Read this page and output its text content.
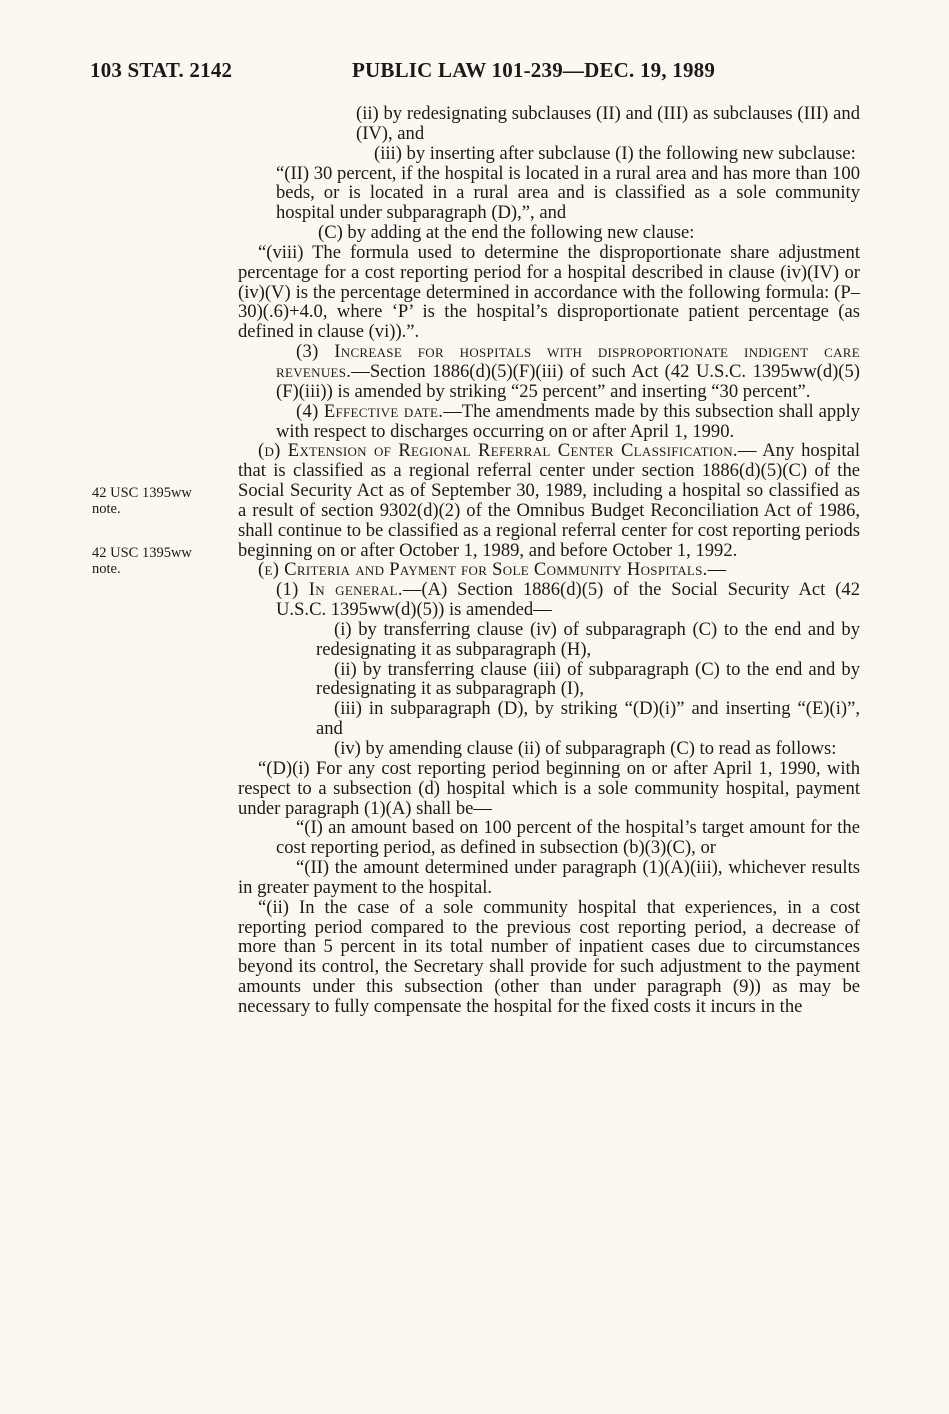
103 STAT. 2142	PUBLIC LAW 101-239—DEC. 19, 1989
42 USC 1395ww
note.
42 USC 1395ww
note.

(ii) by redesignating subclauses (II) and (III) as subclauses (III) and (IV), and

(iii) by inserting after subclause (I) the following new subclause:

“(II) 30 percent, if the hospital is located in a rural area and has more than 100 beds, or is located in a rural area and is classified as a sole community hospital under subparagraph (D),”, and

(C) by adding at the end the following new clause:

“(viii) The formula used to determine the disproportionate share adjustment percentage for a cost reporting period for a hospital described in clause (iv)(IV) or (iv)(V) is the percentage determined in accordance with the following formula: (P–30)(.6)+4.0, where ‘P’ is the hospital’s disproportionate patient percentage (as defined in clause (vi)).”.

(3) Increase for hospitals with disproportionate indigent care revenues.—Section 1886(d)(5)(F)(iii) of such Act (42 U.S.C. 1395ww(d)(5)(F)(iii)) is amended by striking “25 percent” and inserting “30 percent”.

(4) Effective date.—The amendments made by this subsection shall apply with respect to discharges occurring on or after April 1, 1990.

(d) Extension of Regional Referral Center Classification.— Any hospital that is classified as a regional referral center under section 1886(d)(5)(C) of the Social Security Act as of September 30, 1989, including a hospital so classified as a result of section 9302(d)(2) of the Omnibus Budget Reconciliation Act of 1986, shall continue to be classified as a regional referral center for cost reporting periods beginning on or after October 1, 1989, and before October 1, 1992.

(e) Criteria and Payment for Sole Community Hospitals.—

(1) In general.—(A) Section 1886(d)(5) of the Social Security Act (42 U.S.C. 1395ww(d)(5)) is amended—

(i) by transferring clause (iv) of subparagraph (C) to the end and by redesignating it as subparagraph (H),

(ii) by transferring clause (iii) of subparagraph (C) to the end and by redesignating it as subparagraph (I),

(iii) in subparagraph (D), by striking “(D)(i)” and inserting “(E)(i)”, and

(iv) by amending clause (ii) of subparagraph (C) to read as follows:

“(D)(i) For any cost reporting period beginning on or after April 1, 1990, with respect to a subsection (d) hospital which is a sole community hospital, payment under paragraph (1)(A) shall be—

“(I) an amount based on 100 percent of the hospital’s target amount for the cost reporting period, as defined in subsection (b)(3)(C), or

“(II) the amount determined under paragraph (1)(A)(iii), whichever results in greater payment to the hospital.

“(ii) In the case of a sole community hospital that experiences, in a cost reporting period compared to the previous cost reporting period, a decrease of more than 5 percent in its total number of inpatient cases due to circumstances beyond its control, the Secretary shall provide for such adjustment to the payment amounts under this subsection (other than under paragraph (9)) as may be necessary to fully compensate the hospital for the fixed costs it incurs in the
